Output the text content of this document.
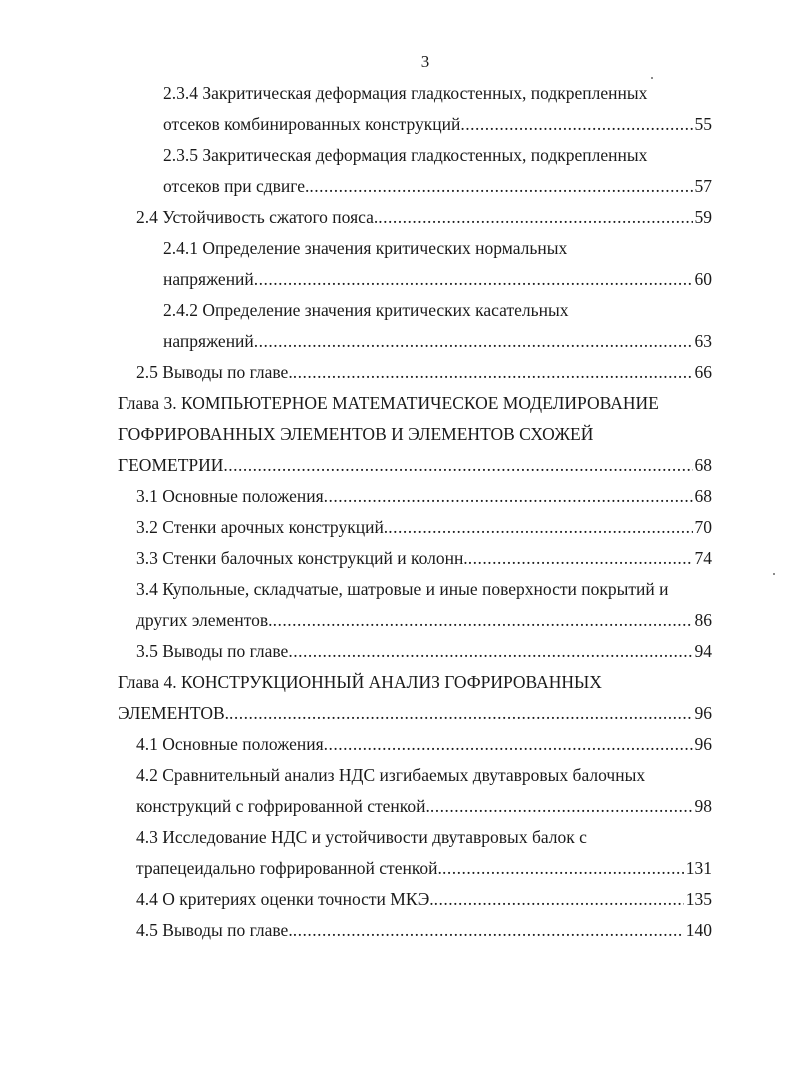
3
2.3.4 Закритическая деформация гладкостенных, подкрепленных
отсеков комбинированных конструкций .....	55
2.3.5 Закритическая деформация гладкостенных, подкрепленных
отсеков при сдвиге. .....	57
2.4 Устойчивость сжатого пояса. .....	59
2.4.1 Определение значения критических нормальных
напряжений .....	60
2.4.2 Определение значения критических касательных
напряжений .....	63
2.5 Выводы по главе. .....	66
Глава 3. КОМПЬЮТЕРНОЕ МАТЕМАТИЧЕСКОЕ МОДЕЛИРОВАНИЕ
ГОФРИРОВАННЫХ ЭЛЕМЕНТОВ И ЭЛЕМЕНТОВ СХОЖЕЙ
ГЕОМЕТРИИ .....	68
3.1 Основные положения .....	68
3.2 Стенки арочных конструкций. .....	70
3.3 Стенки балочных конструкций и колонн. .....	74
3.4 Купольные, складчатые, шатровые и иные поверхности покрытий и
других элементов. .....	86
3.5 Выводы по главе .....	94
Глава 4. КОНСТРУКЦИОННЫЙ АНАЛИЗ ГОФРИРОВАННЫХ
ЭЛЕМЕНТОВ. .....	96
4.1 Основные положения .....	96
4.2 Сравнительный анализ НДС изгибаемых двутавровых балочных
конструкций с гофрированной стенкой. .....	98
4.3 Исследование НДС и устойчивости двутавровых балок с
трапецеидально гофрированной стенкой. .....	131
4.4 О критериях оценки точности МКЭ. .....	135
4.5 Выводы по главе. .....	140
